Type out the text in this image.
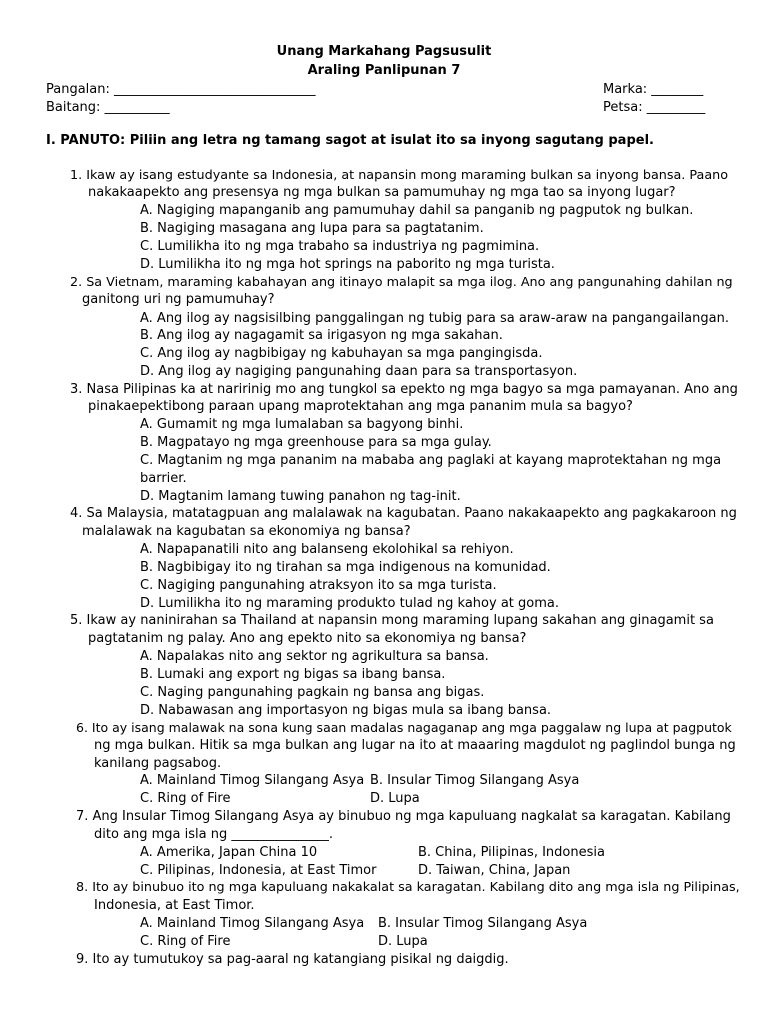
Unang Markahang Pagsusulit
Araling Panlipunan 7
Pangalan: _______________________________
Baitang: __________
Marka: ________
Petsa: _________
I. PANUTO: Piliin ang letra ng tamang sagot at isulat ito sa inyong sagutang papel.
1. Ikaw ay isang estudyante sa Indonesia, at napansin mong maraming bulkan sa inyong bansa. Paano
nakakaapekto ang presensya ng mga bulkan sa pamumuhay ng mga tao sa inyong lugar?
A. Nagiging mapanganib ang pamumuhay dahil sa panganib ng pagputok ng bulkan.
B. Nagiging masagana ang lupa para sa pagtatanim.
C. Lumilikha ito ng mga trabaho sa industriya ng pagmimina.
D. Lumilikha ito ng mga hot springs na paborito ng mga turista.
2. Sa Vietnam, maraming kabahayan ang itinayo malapit sa mga ilog. Ano ang pangunahing dahilan ng
ganitong uri ng pamumuhay?
A. Ang ilog ay nagsisilbing panggalingan ng tubig para sa araw-araw na pangangailangan.
B. Ang ilog ay nagagamit sa irigasyon ng mga sakahan.
C. Ang ilog ay nagbibigay ng kabuhayan sa mga pangingisda.
D. Ang ilog ay nagiging pangunahing daan para sa transportasyon.
3. Nasa Pilipinas ka at naririnig mo ang tungkol sa epekto ng mga bagyo sa mga pamayanan. Ano ang
pinakaepektibong paraan upang maprotektahan ang mga pananim mula sa bagyo?
A. Gumamit ng mga lumalaban sa bagyong binhi.
B. Magpatayo ng mga greenhouse para sa mga gulay.
C. Magtanim ng mga pananim na mababa ang paglaki at kayang maprotektahan ng mga
barrier.
D. Magtanim lamang tuwing panahon ng tag-init.
4. Sa Malaysia, matatagpuan ang malalawak na kagubatan. Paano nakakaapekto ang pagkakaroon ng
malalawak na kagubatan sa ekonomiya ng bansa?
A. Napapanatili nito ang balanseng ekolohikal sa rehiyon.
B. Nagbibigay ito ng tirahan sa mga indigenous na komunidad.
C. Nagiging pangunahing atraksyon ito sa mga turista.
D. Lumilikha ito ng maraming produkto tulad ng kahoy at goma.
5. Ikaw ay naninirahan sa Thailand at napansin mong maraming lupang sakahan ang ginagamit sa
pagtatanim ng palay. Ano ang epekto nito sa ekonomiya ng bansa?
A. Napalakas nito ang sektor ng agrikultura sa bansa.
B. Lumaki ang export ng bigas sa ibang bansa.
C. Naging pangunahing pagkain ng bansa ang bigas.
D. Nabawasan ang importasyon ng bigas mula sa ibang bansa.
6. Ito ay isang malawak na sona kung saan madalas nagaganap ang mga paggalaw ng lupa at pagputok
ng mga bulkan. Hitik sa mga bulkan ang lugar na ito at maaaring magdulot ng paglindol bunga ng
kanilang pagsabog.
A. Mainland Timog Silangang Asya B. Insular Timog Silangang Asya
C. Ring of Fire	D. Lupa
7. Ang Insular Timog Silangang Asya ay binubuo ng mga kapuluang nagkalat sa karagatan. Kabilang
dito ang mga isla ng _______________.
A. Amerika, Japan China 10	B. China, Pilipinas, Indonesia
C. Pilipinas, Indonesia, at East Timor	D. Taiwan, China, Japan
8. Ito ay binubuo ito ng mga kapuluang nakakalat sa karagatan. Kabilang dito ang mga isla ng Pilipinas,
Indonesia, at East Timor.
A. Mainland Timog Silangang Asya B. Insular Timog Silangang Asya
C. Ring of Fire	D. Lupa
9. Ito ay tumutukoy sa pag-aaral ng katangiang pisikal ng daigdig.
